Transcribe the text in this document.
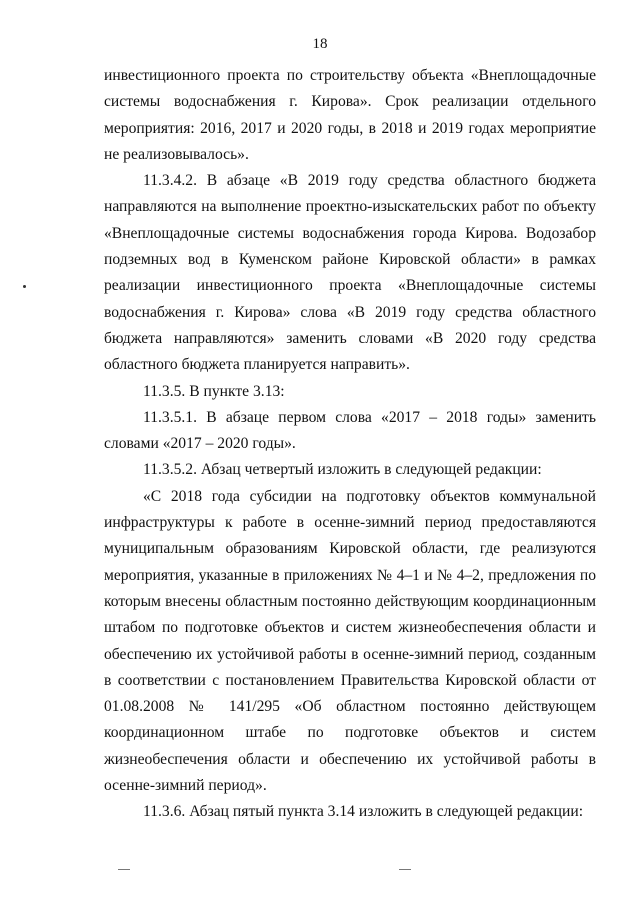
18

инвестиционного проекта по строительству объекта «Внеплощадочные системы водоснабжения г. Кирова». Срок реализации отдельного мероприятия: 2016, 2017 и 2020 годы, в 2018 и 2019 годах мероприятие не реализовывалось».

11.3.4.2. В абзаце «В 2019 году средства областного бюджета направляются на выполнение проектно-изыскательских работ по объекту «Внеплощадочные системы водоснабжения города Кирова. Водозабор подземных вод в Куменском районе Кировской области» в рамках реализации инвестиционного проекта «Внеплощадочные системы водоснабжения г. Кирова» слова «В 2019 году средства областного бюджета направляются» заменить словами «В 2020 году средства областного бюджета планируется направить».

11.3.5. В пункте 3.13:

11.3.5.1. В абзаце первом слова «2017 – 2018 годы» заменить словами «2017 – 2020 годы».

11.3.5.2. Абзац четвертый изложить в следующей редакции:

«С 2018 года субсидии на подготовку объектов коммунальной инфраструктуры к работе в осенне-зимний период предоставляются муниципальным образованиям Кировской области, где реализуются мероприятия, указанные в приложениях № 4–1 и № 4–2, предложения по которым внесены областным постоянно действующим координационным штабом по подготовке объектов и систем жизнеобеспечения области и обеспечению их устойчивой работы в осенне-зимний период, созданным в соответствии с постановлением Правительства Кировской области от 01.08.2008 № 141/295 «Об областном постоянно действующем координационном штабе по подготовке объектов и систем жизнеобеспечения области и обеспечению их устойчивой работы в осенне-зимний период».

11.3.6. Абзац пятый пункта 3.14 изложить в следующей редакции:
